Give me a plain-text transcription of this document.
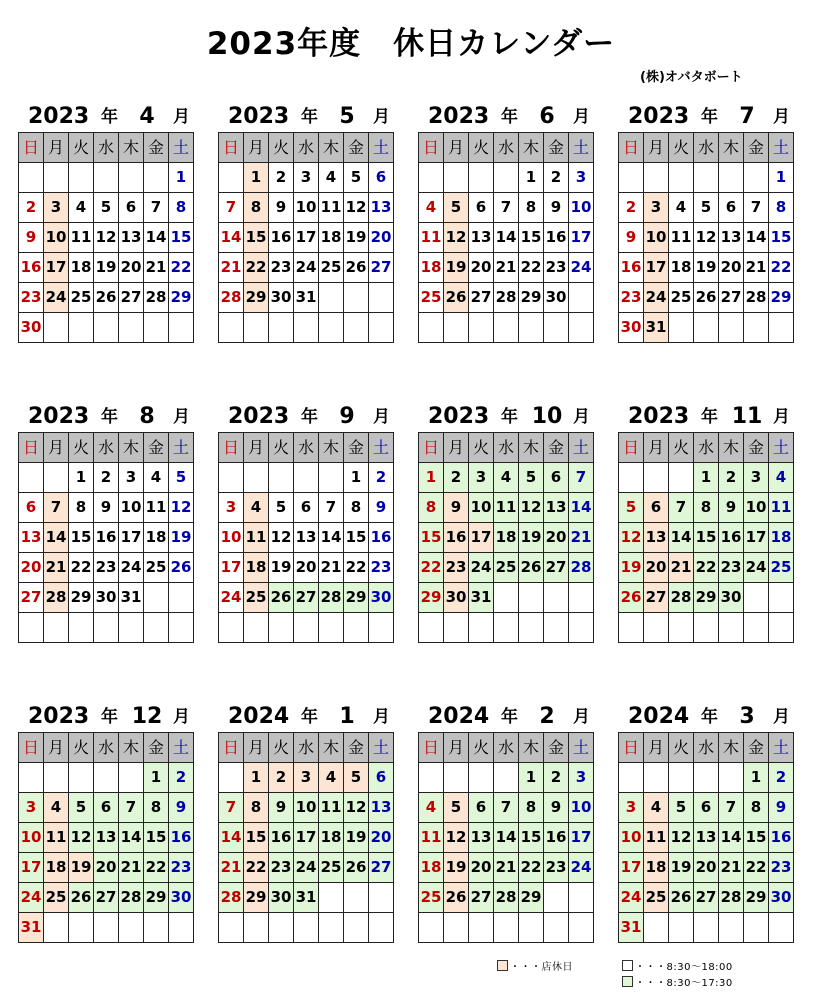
2023年度　休日カレンダー
(株)オバタボート
2023 年 4	月
日	月	火	水	木	金	土
						1
2	3	4	5	6	7	8
9	10	11	12	13	14	15
16	17	18	19	20	21	22
23	24	25	26	27	28	29
30						
2023 年 5	月
日	月	火	水	木	金	土
	1	2	3	4	5	6
7	8	9	10	11	12	13
14	15	16	17	18	19	20
21	22	23	24	25	26	27
28	29	30	31			

2023 年 6	月
日	月	火	水	木	金	土
				1	2	3
4	5	6	7	8	9	10
11	12	13	14	15	16	17
18	19	20	21	22	23	24
25	26	27	28	29	30	

2023 年 7	月
日	月	火	水	木	金	土
						1
2	3	4	5	6	7	8
9	10	11	12	13	14	15
16	17	18	19	20	21	22
23	24	25	26	27	28	29
30	31					
2023 年 8	月
日	月	火	水	木	金	土
		1	2	3	4	5
6	7	8	9	10	11	12
13	14	15	16	17	18	19
20	21	22	23	24	25	26
27	28	29	30	31		

2023 年 9	月
日	月	火	水	木	金	土
					1	2
3	4	5	6	7	8	9
10	11	12	13	14	15	16
17	18	19	20	21	22	23
24	25	26	27	28	29	30

2023 年 10 月
日	月	火	水	木	金	土
1	2	3	4	5	6	7
8	9	10	11	12	13	14
15	16	17	18	19	20	21
22	23	24	25	26	27	28
29	30	31				

2023 年 11 月
日	月	火	水	木	金	土
			1	2	3	4
5	6	7	8	9	10	11
12	13	14	15	16	17	18
19	20	21	22	23	24	25
26	27	28	29	30		

2023 年 12 月
日	月	火	水	木	金	土
					1	2
3	4	5	6	7	8	9
10	11	12	13	14	15	16
17	18	19	20	21	22	23
24	25	26	27	28	29	30
31						
2024 年 1	月
日	月	火	水	木	金	土
	1	2	3	4	5	6
7	8	9	10	11	12	13
14	15	16	17	18	19	20
21	22	23	24	25	26	27
28	29	30	31			

2024 年 2	月
日	月	火	水	木	金	土
				1	2	3
4	5	6	7	8	9	10
11	12	13	14	15	16	17
18	19	20	21	22	23	24
25	26	27	28	29		

2024 年 3	月
日	月	火	水	木	金	土
					1	2
3	4	5	6	7	8	9
10	11	12	13	14	15	16
17	18	19	20	21	22	23
24	25	26	27	28	29	30
31						
・・・店休日	・・・8:30～18:00
・・・8:30～17:30
